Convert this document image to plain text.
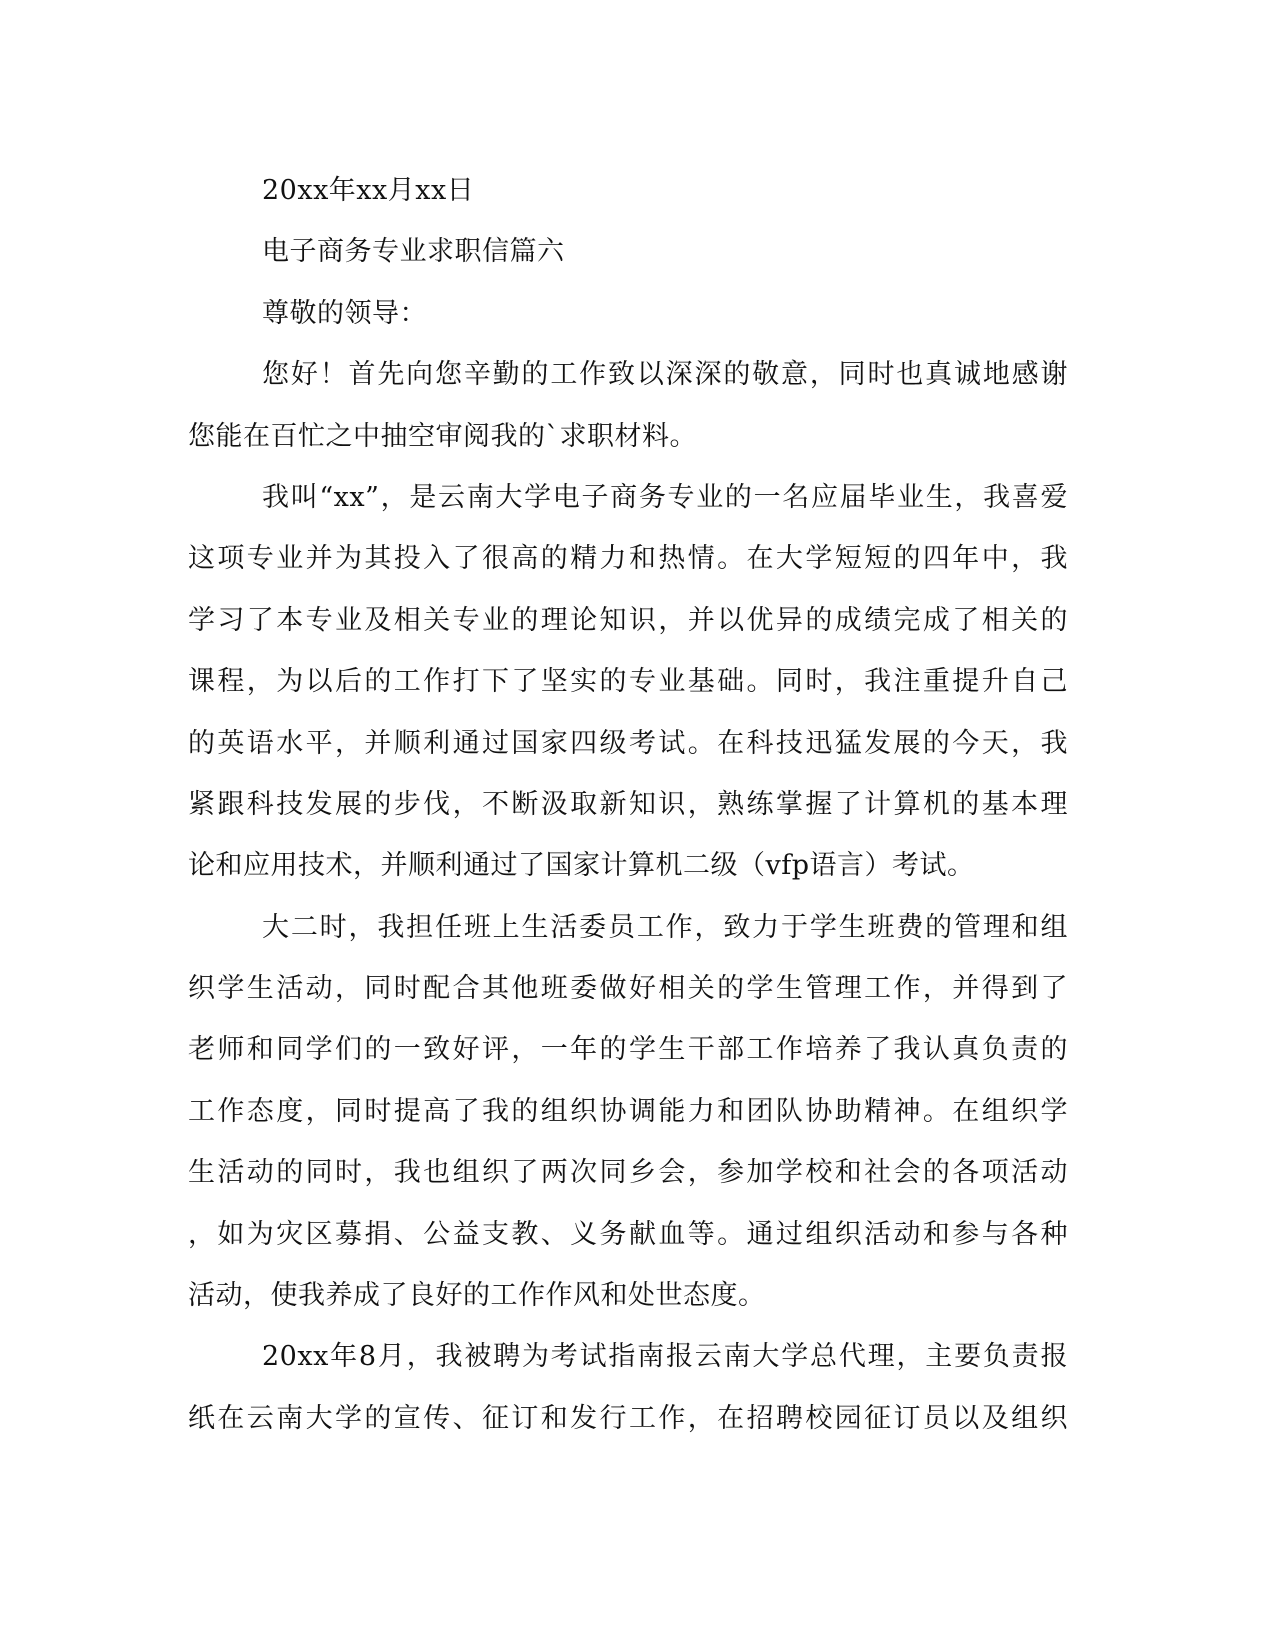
20xx年xx月xx日
电子商务专业求职信篇六
尊敬的领导：
您好！首先向您辛勤的工作致以深深的敬意，同时也真诚地感谢
您能在百忙之中抽空审阅我的`求职材料。
我叫“xx”，是云南大学电子商务专业的一名应届毕业生，我喜爱
这项专业并为其投入了很高的精力和热情。在大学短短的四年中，我
学习了本专业及相关专业的理论知识，并以优异的成绩完成了相关的
课程，为以后的工作打下了坚实的专业基础。同时，我注重提升自己
的英语水平，并顺利通过国家四级考试。在科技迅猛发展的今天，我
紧跟科技发展的步伐，不断汲取新知识，熟练掌握了计算机的基本理
论和应用技术，并顺利通过了国家计算机二级（vfp语言）考试。
大二时，我担任班上生活委员工作，致力于学生班费的管理和组
织学生活动，同时配合其他班委做好相关的学生管理工作，并得到了
老师和同学们的一致好评，一年的学生干部工作培养了我认真负责的
工作态度，同时提高了我的组织协调能力和团队协助精神。在组织学
生活动的同时，我也组织了两次同乡会，参加学校和社会的各项活动
，如为灾区募捐、公益支教、义务献血等。通过组织活动和参与各种
活动，使我养成了良好的工作作风和处世态度。
20xx年8月，我被聘为考试指南报云南大学总代理，主要负责报
纸在云南大学的宣传、征订和发行工作，在招聘校园征订员以及组织
